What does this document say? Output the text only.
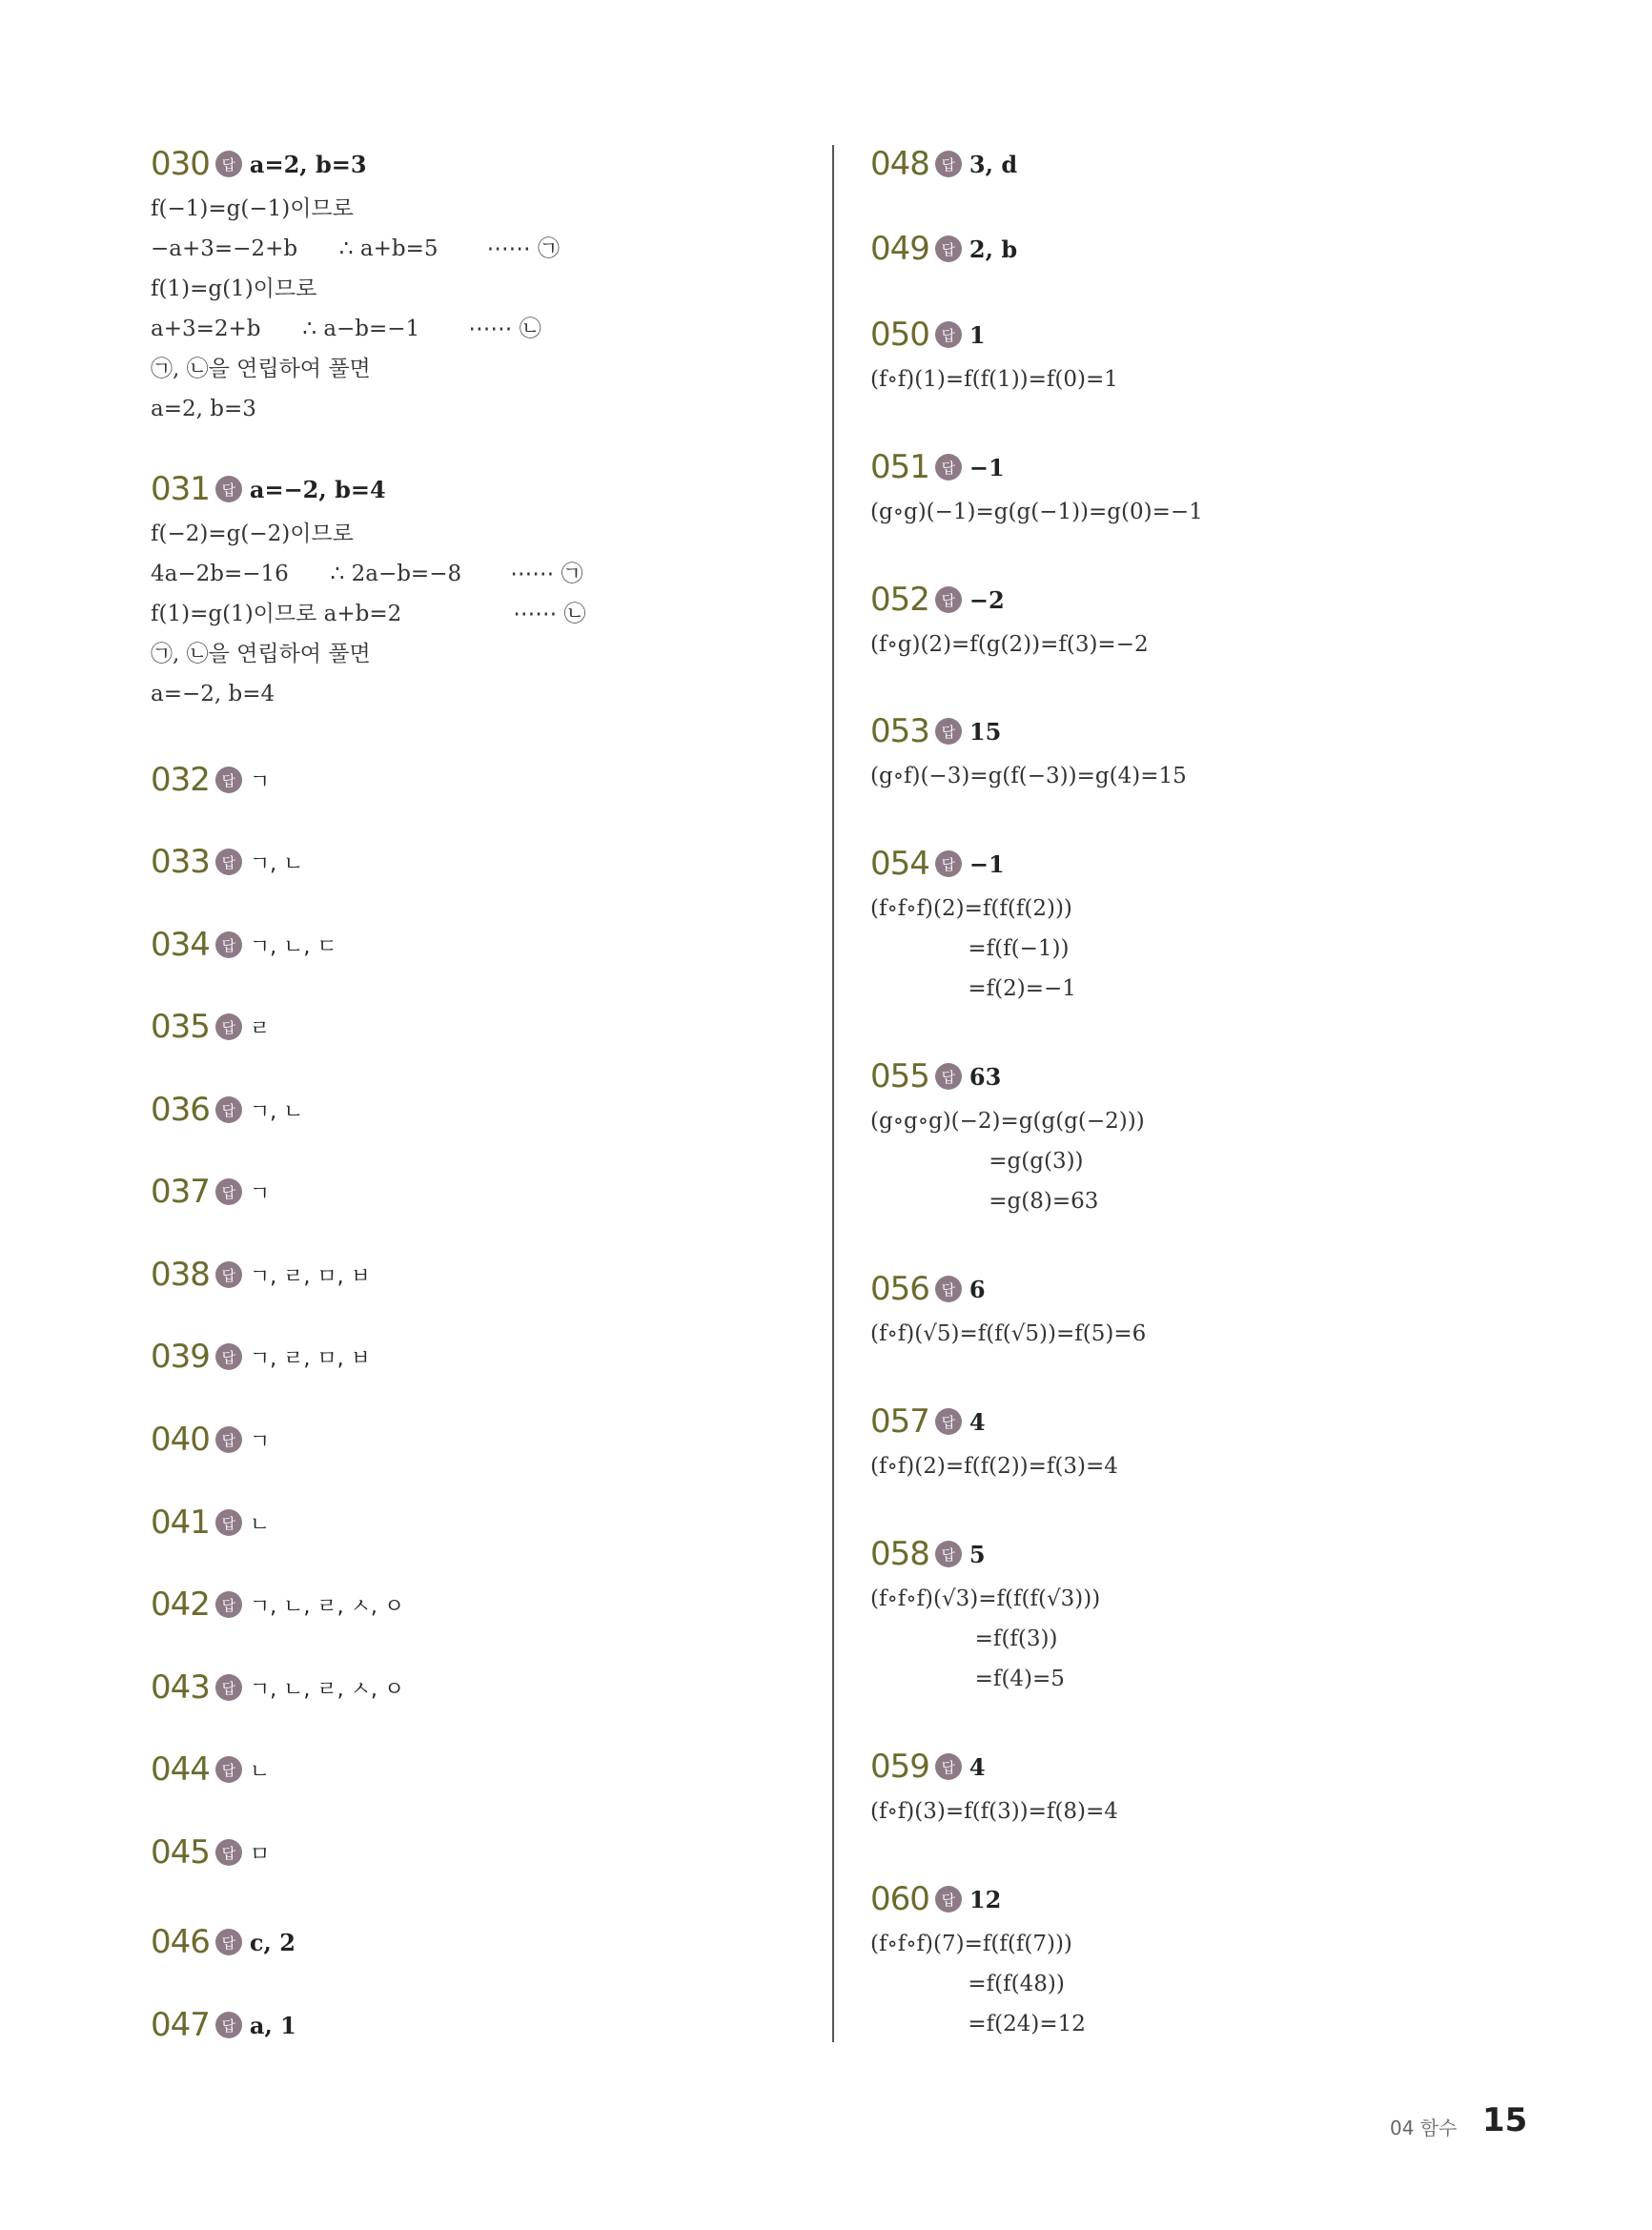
030 답 a=2, b=3
f(−1)=g(−1)이므로
−a+3=−2+b      ∴ a+b=5       ⋯⋯ ㉠
f(1)=g(1)이므로
a+3=2+b      ∴ a−b=−1       ⋯⋯ ㉡
㉠, ㉡을 연립하여 풀면
a=2, b=3
031 답 a=−2, b=4
f(−2)=g(−2)이므로
4a−2b=−16      ∴ 2a−b=−8       ⋯⋯ ㉠
f(1)=g(1)이므로 a+b=2                ⋯⋯ ㉡
㉠, ㉡을 연립하여 풀면
a=−2, b=4
032 답 ㄱ
033 답 ㄱ, ㄴ
034 답 ㄱ, ㄴ, ㄷ
035 답 ㄹ
036 답 ㄱ, ㄴ
037 답 ㄱ
038 답 ㄱ, ㄹ, ㅁ, ㅂ
039 답 ㄱ, ㄹ, ㅁ, ㅂ
040 답 ㄱ
041 답 ㄴ
042 답 ㄱ, ㄴ, ㄹ, ㅅ, ㅇ
043 답 ㄱ, ㄴ, ㄹ, ㅅ, ㅇ
044 답 ㄴ
045 답 ㅁ
046 답 c, 2
047 답 a, 1
048 답 3, d
049 답 2, b
050 답 1
(f∘f)(1)=f(f(1))=f(0)=1
051 답 −1
(g∘g)(−1)=g(g(−1))=g(0)=−1
052 답 −2
(f∘g)(2)=f(g(2))=f(3)=−2
053 답 15
(g∘f)(−3)=g(f(−3))=g(4)=15
054 답 −1
(f∘f∘f)(2)=f(f(f(2)))
=f(f(−1))
=f(2)=−1
055 답 63
(g∘g∘g)(−2)=g(g(g(−2)))
=g(g(3))
=g(8)=63
056 답 6
(f∘f)(√5)=f(f(√5))=f(5)=6
057 답 4
(f∘f)(2)=f(f(2))=f(3)=4
058 답 5
(f∘f∘f)(√3)=f(f(f(√3)))
=f(f(3))
=f(4)=5
059 답 4
(f∘f)(3)=f(f(3))=f(8)=4
060 답 12
(f∘f∘f)(7)=f(f(f(7)))
=f(f(48))
=f(24)=12
04 함수 15
